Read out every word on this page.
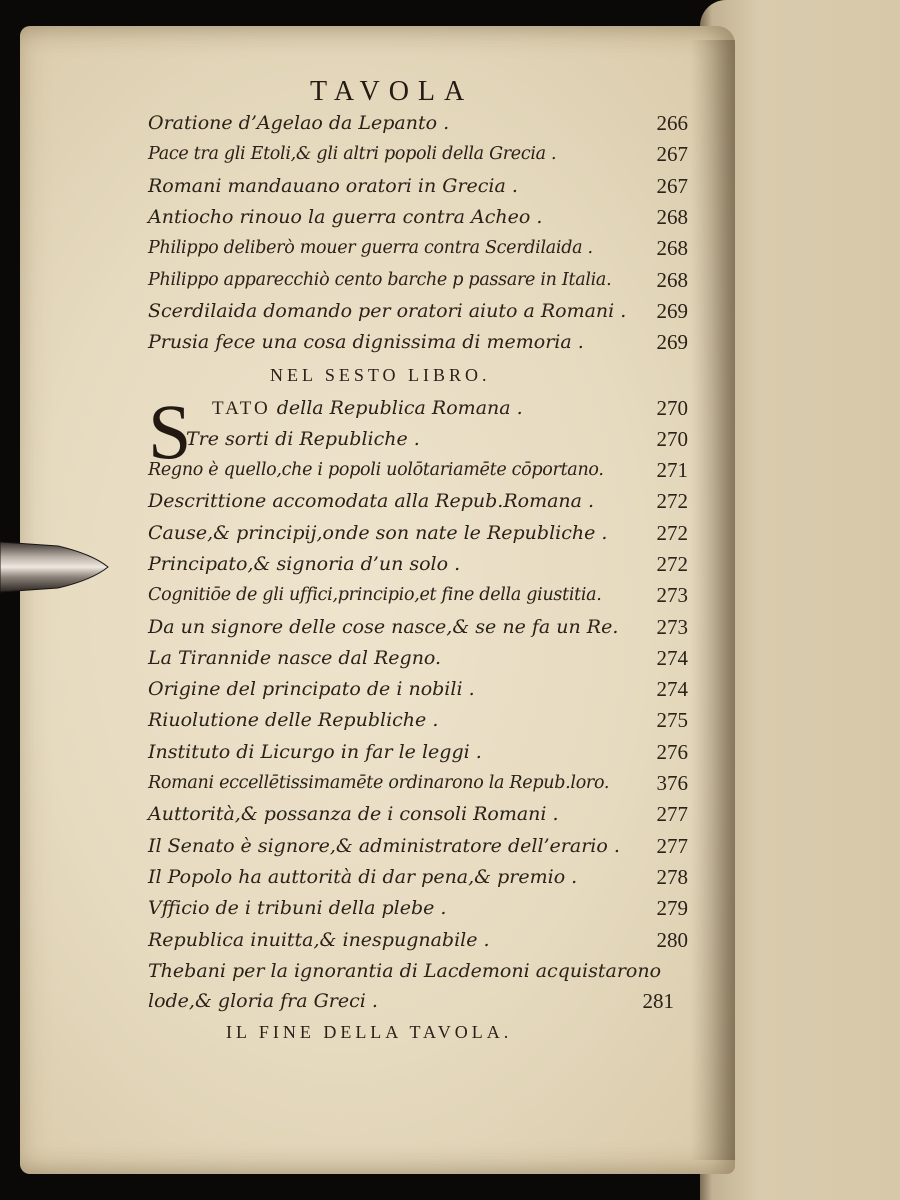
TAVOLA
Oratione d’Agelao da Lepanto .	266
Pace tra gli Etoli,& gli altri popoli della Grecia .	267
Romani mandauano oratori in Grecia .	267
Antiocho rinouo la guerra contra Acheo .	268
Philippo deliberò mouer guerra contra Scerdilaida .	268
Philippo apparecchiò cento barche p passare in Italia. 268
Scerdilaida domando per oratori aiuto a Romani . 269
Prusia fece una cosa dignissima di memoria .	269
NEL SESTO LIBRO.
S TATO della Republica Romana .	270
Tre sorti di Republiche .	270
Regno è quello,che i popoli uolōtariamēte cōportano.	271
Descrittione accomodata alla Repub.Romana .	272
Cause,& principij,onde son nate le Republiche . 272
Principato,& signoria d’un solo .	272
Cognitiōe de gli uffici,principio,et fine della giustitia.	273
Da un signore delle cose nasce,& se ne fa un Re. 273
La Tirannide nasce dal Regno.	274
Origine del principato de i nobili .	274
Riuolutione delle Republiche .	275
Instituto di Licurgo in far le leggi .	276
Romani eccellētissimamēte ordinarono la Repub.loro. 376
Auttorità,& possanza de i consoli Romani .	277
Il Senato è signore,& administratore dell’erario . 277
Il Popolo ha auttorità di dar pena,& premio .	278
Vfficio de i tribuni della plebe .	279
Republica inuitta,& inespugnabile .	280
Thebani per la ignorantia di Lacdemoni acquistarono
lode,& gloria fra Greci .	281
IL FINE DELLA TAVOLA.
